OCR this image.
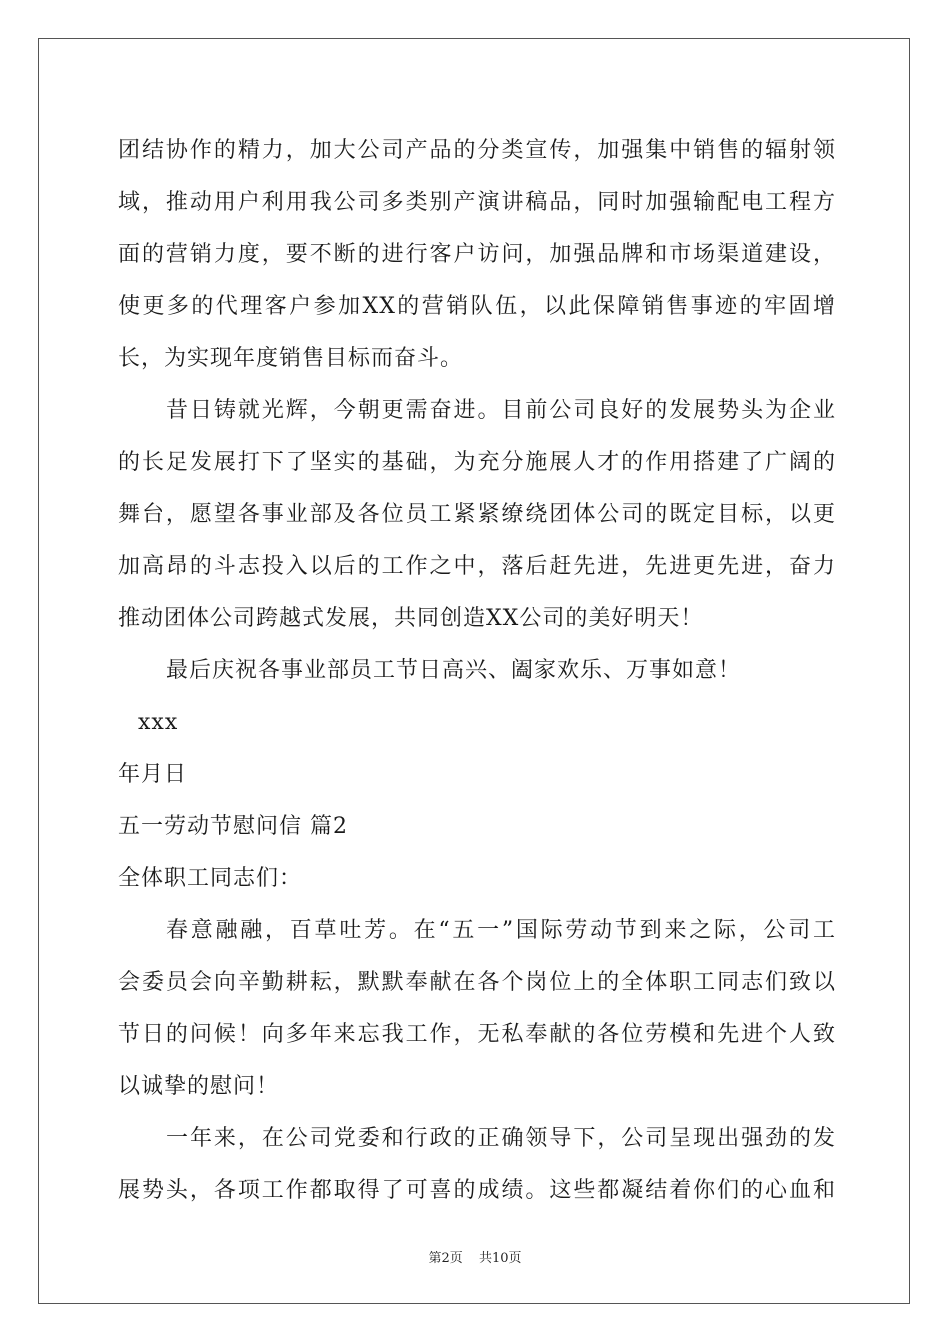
团结协作的精力，加大公司产品的分类宣传，加强集中销售的辐射领
域，推动用户利用我公司多类别产演讲稿品，同时加强输配电工程方
面的营销力度，要不断的进行客户访问，加强品牌和市场渠道建设，
使更多的代理客户参加XX的营销队伍，以此保障销售事迹的牢固增
长，为实现年度销售目标而奋斗。
昔日铸就光辉，今朝更需奋进。目前公司良好的发展势头为企业
的长足发展打下了坚实的基础，为充分施展人才的作用搭建了广阔的
舞台，愿望各事业部及各位员工紧紧缭绕团体公司的既定目标，以更
加高昂的斗志投入以后的工作之中，落后赶先进，先进更先进，奋力
推动团体公司跨越式发展，共同创造XX公司的美好明天！
最后庆祝各事业部员工节日高兴、阖家欢乐、万事如意！

xxx

年月日

五一劳动节慰问信 篇2

全体职工同志们：

春意融融，百草吐芳。在“五一”国际劳动节到来之际，公司工
会委员会向辛勤耕耘，默默奉献在各个岗位上的全体职工同志们致以
节日的问候！向多年来忘我工作，无私奉献的各位劳模和先进个人致
以诚挚的慰问！
一年来，在公司党委和行政的正确领导下，公司呈现出强劲的发
展势头，各项工作都取得了可喜的成绩。这些都凝结着你们的心血和
第2页 共10页
